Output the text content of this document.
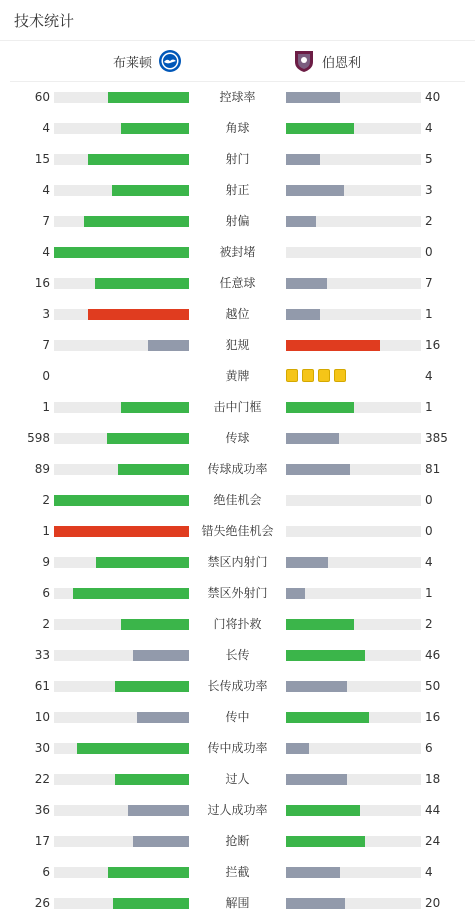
技术统计
布莱顿	伯恩利
60	控球率	40
4	角球	4
15	射门	5
4	射正	3
7	射偏	2
4	被封堵	0
16	任意球	7
3	越位	1
7	犯规	16
0	黄牌	4
1	击中门框	1
598	传球	385
89	传球成功率	81
2	绝佳机会	0
1	错失绝佳机会	0
9	禁区内射门	4
6	禁区外射门	1
2	门将扑救	2
33	长传	46
61	长传成功率	50
10	传中	16
30	传中成功率	6
22	过人	18
36	过人成功率	44
17	抢断	24
6	拦截	4
26	解围	20
